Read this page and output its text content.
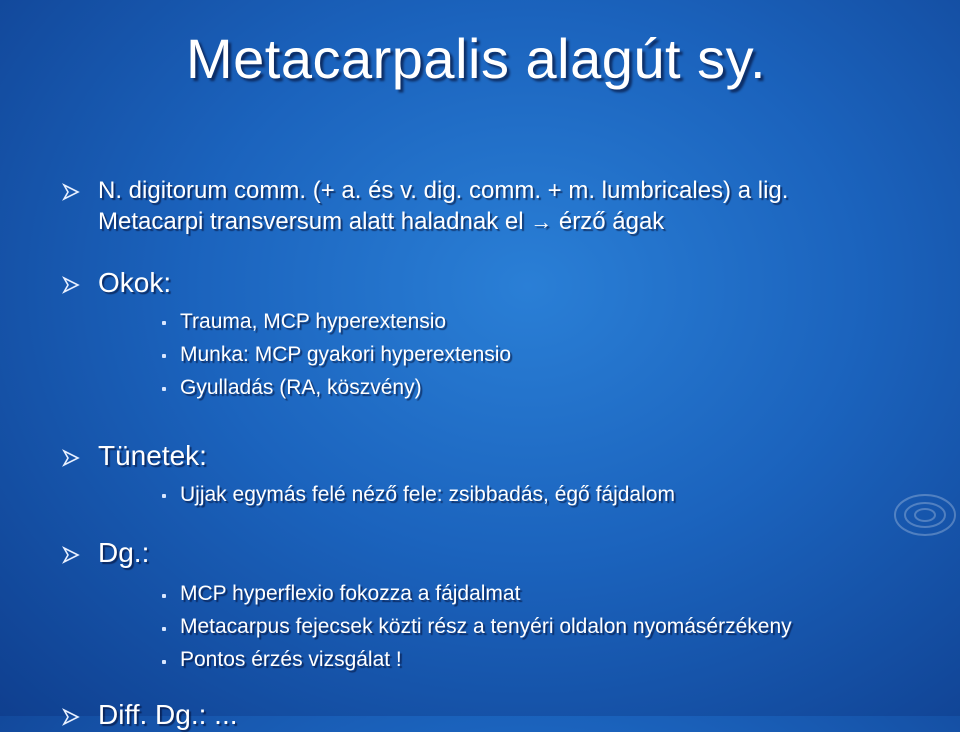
Metacarpalis alagút sy.
N. digitorum comm. (+ a. és v. dig. comm. + m. lumbricales) a lig.
Metacarpi transversum alatt haladnak el → érző ágak
Okok:
Trauma, MCP hyperextensio
Munka: MCP gyakori hyperextensio
Gyulladás (RA, köszvény)
Tünetek:
Ujjak egymás felé néző fele: zsibbadás, égő fájdalom
Dg.:
MCP hyperflexio fokozza a fájdalmat
Metacarpus fejecsek közti rész a tenyéri oldalon nyomásérzékeny
Pontos érzés vizsgálat !
Diff. Dg.: ...
